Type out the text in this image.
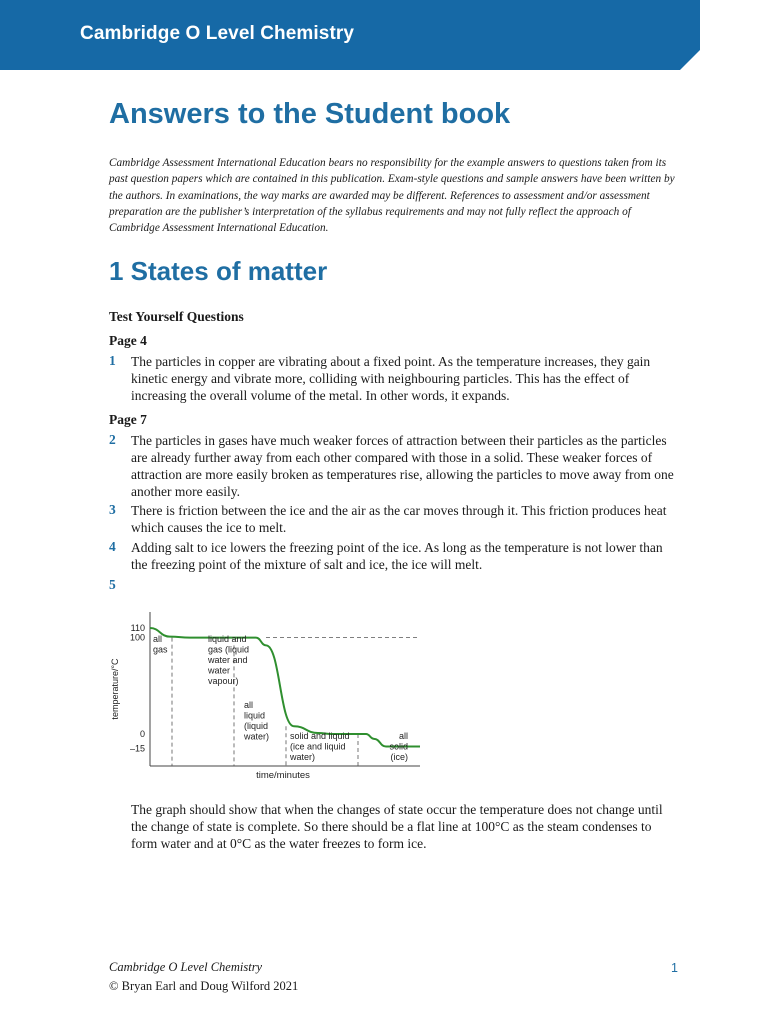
Cambridge O Level Chemistry
Answers to the Student book
Cambridge Assessment International Education bears no responsibility for the example answers to questions taken from its past question papers which are contained in this publication. Exam-style questions and sample answers have been written by the authors. In examinations, the way marks are awarded may be different. References to assessment and/or assessment preparation are the publisher’s interpretation of the syllabus requirements and may not fully reflect the approach of Cambridge Assessment International Education.
1 States of matter
Test Yourself Questions
Page 4
1 The particles in copper are vibrating about a fixed point. As the temperature increases, they gain kinetic energy and vibrate more, colliding with neighbouring particles. This has the effect of increasing the overall volume of the metal. In other words, it expands.
Page 7
2 The particles in gases have much weaker forces of attraction between their particles as the particles are already further away from each other compared with those in a solid. These weaker forces of attraction are more easily broken as temperatures rise, allowing the particles to move away from one another more easily.
3 There is friction between the ice and the air as the car moves through it. This friction produces heat which causes the ice to melt.
4 Adding salt to ice lowers the freezing point of the ice. As long as the temperature is not lower than the freezing point of the mixture of salt and ice, the ice will melt.
5
110
100
0
–15
all gas
liquid and gas (liquid water and water vapour)
all liquid (liquid water) solid and liquid (ice and liquid water)
all solid (ice)
temperature/°C
time/minutes
The graph should show that when the changes of state occur the temperature does not change until the change of state is complete. So there should be a flat line at 100°C as the steam condenses to form water and at 0°C as the water freezes to form ice.
Cambridge O Level Chemistry
© Bryan Earl and Doug Wilford 2021
1
